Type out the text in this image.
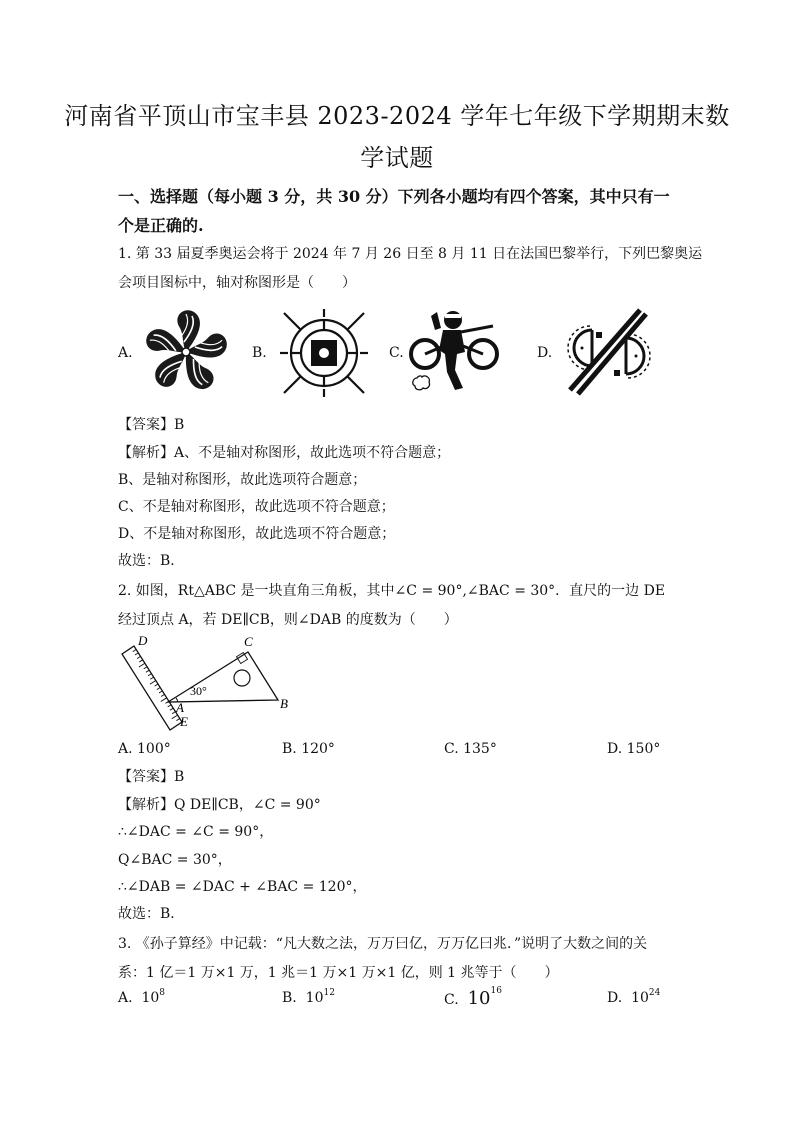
河南省平顶山市宝丰县 2023-2024 学年七年级下学期期末数
学试题
一、选择题（每小题 3 分，共 30 分）下列各小题均有四个答案，其中只有一
个是正确的.
1. 第 33 届夏季奥运会将于 2024 年 7 月 26 日至 8 月 11 日在法国巴黎举行，下列巴黎奥运
会项目图标中，轴对称图形是（　　）
A.	B.	C.	D.
【答案】B
【解析】A、不是轴对称图形，故此选项不符合题意；
B、是轴对称图形，故此选项符合题意；
C、不是轴对称图形，故此选项不符合题意；
D、不是轴对称图形，故此选项不符合题意；
故选：B．
2. 如图，Rt△ABC 是一块直角三角板，其中∠C = 90°,∠BAC = 30°．直尺的一边 DE
经过顶点 A，若 DE∥CB，则∠DAB 的度数为（　　）
D	C
30°
A	B
E
A. 100°	B. 120°	C. 135°	D. 150°
【答案】B
【解析】Q DE∥CB，∠C = 90°
∴∠DAC = ∠C = 90°，
Q∠BAC = 30°，
∴∠DAB = ∠DAC + ∠BAC = 120°，
故选：B．
3. 《孙子算经》中记载：“凡大数之法，万万曰亿，万万亿曰兆．”说明了大数之间的关
系：1 亿＝1 万×1 万，1 兆＝1 万×1 万×1 亿，则 1 兆等于（　　）
A. $10^8$	B. $10^{12}$	C. $10^{16}$	D. $10^{24}$
